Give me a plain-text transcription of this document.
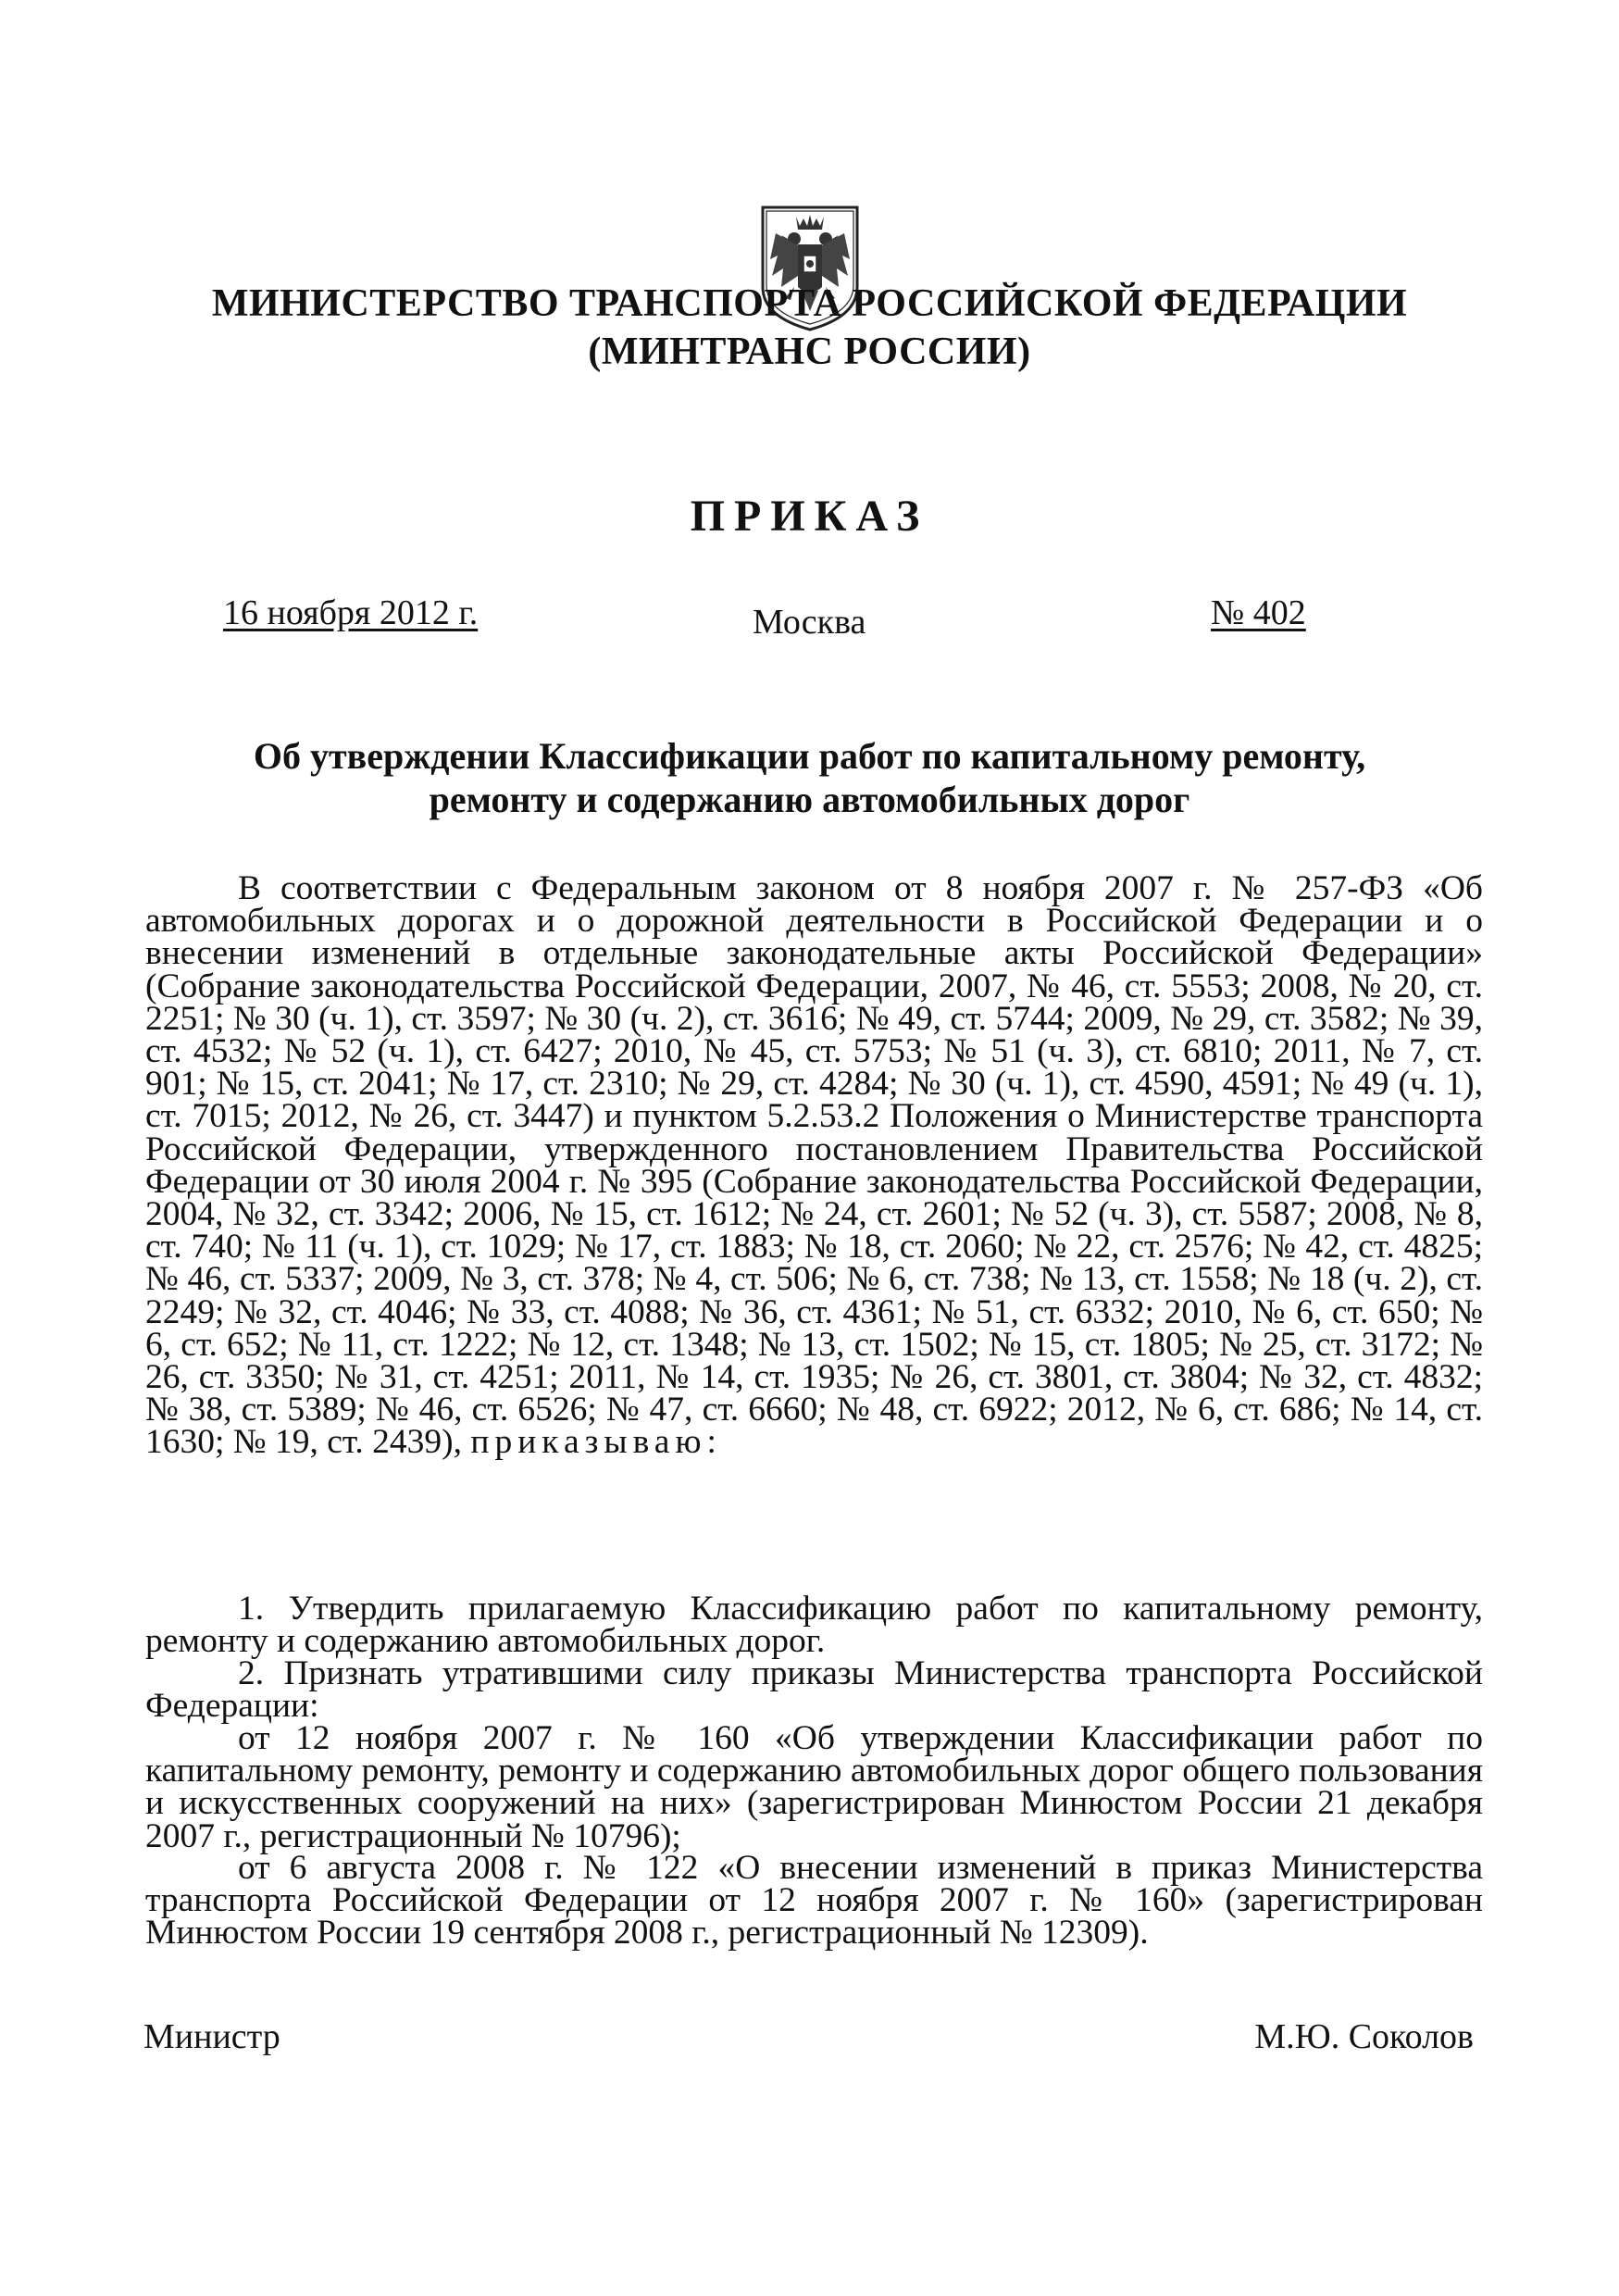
МИНИСТЕРСТВО ТРАНСПОРТА РОССИЙСКОЙ ФЕДЕРАЦИИ
(МИНТРАНС РОССИИ)
ПРИКАЗ
16 ноября 2012 г.	Москва	№ 402
Об утверждении Классификации работ по капитальному ремонту,
ремонту и содержанию автомобильных дорог

В соответствии с Федеральным законом от 8 ноября 2007 г. № 257-ФЗ «Об автомобильных дорогах и о дорожной деятельности в Российской Федерации и о внесении изменений в отдельные законодательные акты Российской Федерации» (Собрание законодательства Российской Федерации, 2007, № 46, ст. 5553; 2008, № 20, ст. 2251; № 30 (ч. 1), ст. 3597; № 30 (ч. 2), ст. 3616; № 49, ст. 5744; 2009, № 29, ст. 3582; № 39, ст. 4532; № 52 (ч. 1), ст. 6427; 2010, № 45, ст. 5753; № 51 (ч. 3), ст. 6810; 2011, № 7, ст. 901; № 15, ст. 2041; № 17, ст. 2310; № 29, ст. 4284; № 30 (ч. 1), ст. 4590, 4591; № 49 (ч. 1), ст. 7015; 2012, № 26, ст. 3447) и пунктом 5.2.53.2 Положения о Министерстве транспорта Российской Федерации, утвержденного постановлением Правительства Российской Федерации от 30 июля 2004 г. № 395 (Собрание законодательства Российской Федерации, 2004, № 32, ст. 3342; 2006, № 15, ст. 1612; № 24, ст. 2601; № 52 (ч. 3), ст. 5587; 2008, № 8, ст. 740; № 11 (ч. 1), ст. 1029; № 17, ст. 1883; № 18, ст. 2060; № 22, ст. 2576; № 42, ст. 4825; № 46, ст. 5337; 2009, № 3, ст. 378; № 4, ст. 506; № 6, ст. 738; № 13, ст. 1558; № 18 (ч. 2), ст. 2249; № 32, ст. 4046; № 33, ст. 4088; № 36, ст. 4361; № 51, ст. 6332; 2010, № 6, ст. 650; № 6, ст. 652; № 11, ст. 1222; № 12, ст. 1348; № 13, ст. 1502; № 15, ст. 1805; № 25, ст. 3172; № 26, ст. 3350; № 31, ст. 4251; 2011, № 14, ст. 1935; № 26, ст. 3801, ст. 3804; № 32, ст. 4832; № 38, ст. 5389; № 46, ст. 6526; № 47, ст. 6660; № 48, ст. 6922; 2012, № 6, ст. 686; № 14, ст. 1630; № 19, ст. 2439), приказываю:

1. Утвердить прилагаемую Классификацию работ по капитальному ремонту, ремонту и содержанию автомобильных дорог.

2. Признать утратившими силу приказы Министерства транспорта Российской Федерации:

от 12 ноября 2007 г. № 160 «Об утверждении Классификации работ по капитальному ремонту, ремонту и содержанию автомобильных дорог общего пользования и искусственных сооружений на них» (зарегистрирован Минюстом России 21 декабря 2007 г., регистрационный № 10796);

от 6 августа 2008 г. № 122 «О внесении изменений в приказ Министерства транспорта Российской Федерации от 12 ноября 2007 г. № 160» (зарегистрирован Минюстом России 19 сентября 2008 г., регистрационный № 12309).

Министр	М.Ю. Соколов
